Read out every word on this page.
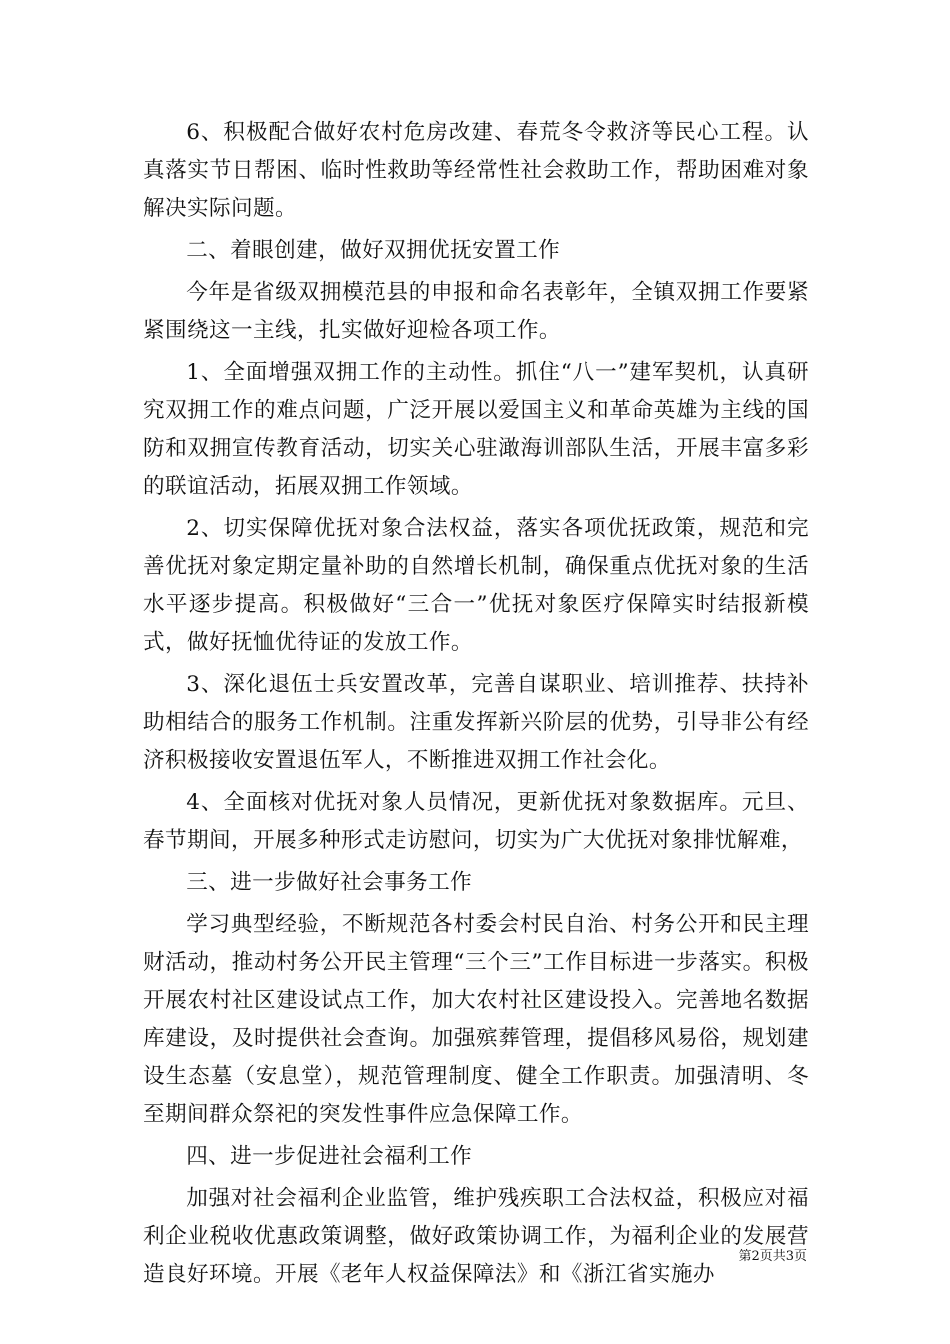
6、积极配合做好农村危房改建、春荒冬令救济等民心工程。认真落实节日帮困、临时性救助等经常性社会救助工作，帮助困难对象解决实际问题。

二、着眼创建，做好双拥优抚安置工作

今年是省级双拥模范县的申报和命名表彰年，全镇双拥工作要紧紧围绕这一主线，扎实做好迎检各项工作。

1、全面增强双拥工作的主动性。抓住“八一”建军契机，认真研究双拥工作的难点问题，广泛开展以爱国主义和革命英雄为主线的国防和双拥宣传教育活动，切实关心驻澉海训部队生活，开展丰富多彩的联谊活动，拓展双拥工作领域。

2、切实保障优抚对象合法权益，落实各项优抚政策，规范和完善优抚对象定期定量补助的自然增长机制，确保重点优抚对象的生活水平逐步提高。积极做好“三合一”优抚对象医疗保障实时结报新模式，做好抚恤优待证的发放工作。

3、深化退伍士兵安置改革，完善自谋职业、培训推荐、扶持补助相结合的服务工作机制。注重发挥新兴阶层的优势，引导非公有经济积极接收安置退伍军人，不断推进双拥工作社会化。

4、全面核对优抚对象人员情况，更新优抚对象数据库。元旦、春节期间，开展多种形式走访慰问，切实为广大优抚对象排忧解难，

三、进一步做好社会事务工作

学习典型经验，不断规范各村委会村民自治、村务公开和民主理财活动，推动村务公开民主管理“三个三”工作目标进一步落实。积极开展农村社区建设试点工作，加大农村社区建设投入。完善地名数据库建设，及时提供社会查询。加强殡葬管理，提倡移风易俗，规划建设生态墓（安息堂），规范管理制度、健全工作职责。加强清明、冬至期间群众祭祀的突发性事件应急保障工作。

四、进一步促进社会福利工作

加强对社会福利企业监管，维护残疾职工合法权益，积极应对福利企业税收优惠政策调整，做好政策协调工作，为福利企业的发展营造良好环境。开展《老年人权益保障法》和《浙江省实施办

第2页共3页
